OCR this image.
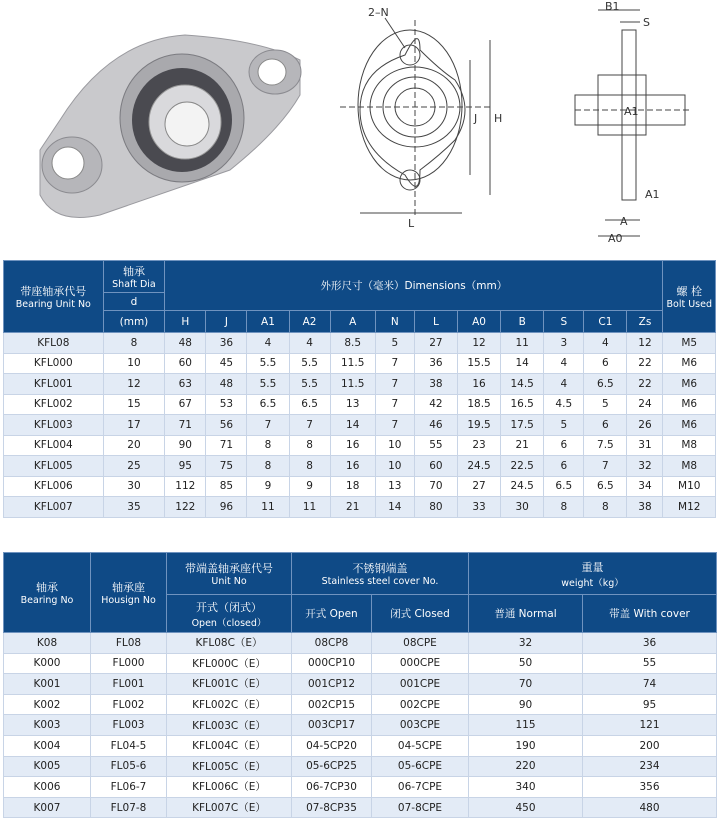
2–N
J H
L
B1
S
A1
A1
A
A0
带座轴承代号
Bearing Unit No	轴承
Shaft Dia	外形尺寸（毫米）Dimensions（mm）												螺 栓
Bolt Used

	d													
	(mm)	H	J	A1	A2	A	N	L	A0	B	S	C1	Zs	
KFL08	8	48	36	4	4	8.5	5	27	12	11	3	4	12	M5
KFL000	10	60	45	5.5	5.5	11.5	7	36	15.5	14	4	6	22	M6
KFL001	12	63	48	5.5	5.5	11.5	7	38	16	14.5	4	6.5	22	M6
KFL002	15	67	53	6.5	6.5	13	7	42	18.5	16.5	4.5	5	24	M6
KFL003	17	71	56	7	7	14	7	46	19.5	17.5	5	6	26	M6
KFL004	20	90	71	8	8	16	10	55	23	21	6	7.5	31	M8
KFL005	25	95	75	8	8	16	10	60	24.5	22.5	6	7	32	M8
KFL006	30	112	85	9	9	18	13	70	27	24.5	6.5	6.5	34	M10
KFL007	35	122	96	11	11	21	14	80	33	30	8	8	38	M12
轴承
Bearing No	轴承座
Housign No	带端盖轴承座代号
Unit No	不锈钢端盖
Stainless steel cover No.		重量
weight（kg）	

		开式（闭式）
Open（closed）	开式 Open	闭式 Closed	普通 Normal	带盖 With cover
K08	FL08	KFL08C（E）	08CP8	08CPE	32	36
K000	FL000	KFL000C（E）	000CP10	000CPE	50	55
K001	FL001	KFL001C（E）	001CP12	001CPE	70	74
K002	FL002	KFL002C（E）	002CP15	002CPE	90	95
K003	FL003	KFL003C（E）	003CP17	003CPE	115	121
K004	FL04-5	KFL004C（E）	04-5CP20	04-5CPE	190	200
K005	FL05-6	KFL005C（E）	05-6CP25	05-6CPE	220	234
K006	FL06-7	KFL006C（E）	06-7CP30	06-7CPE	340	356
K007	FL07-8	KFL007C（E）	07-8CP35	07-8CPE	450	480
